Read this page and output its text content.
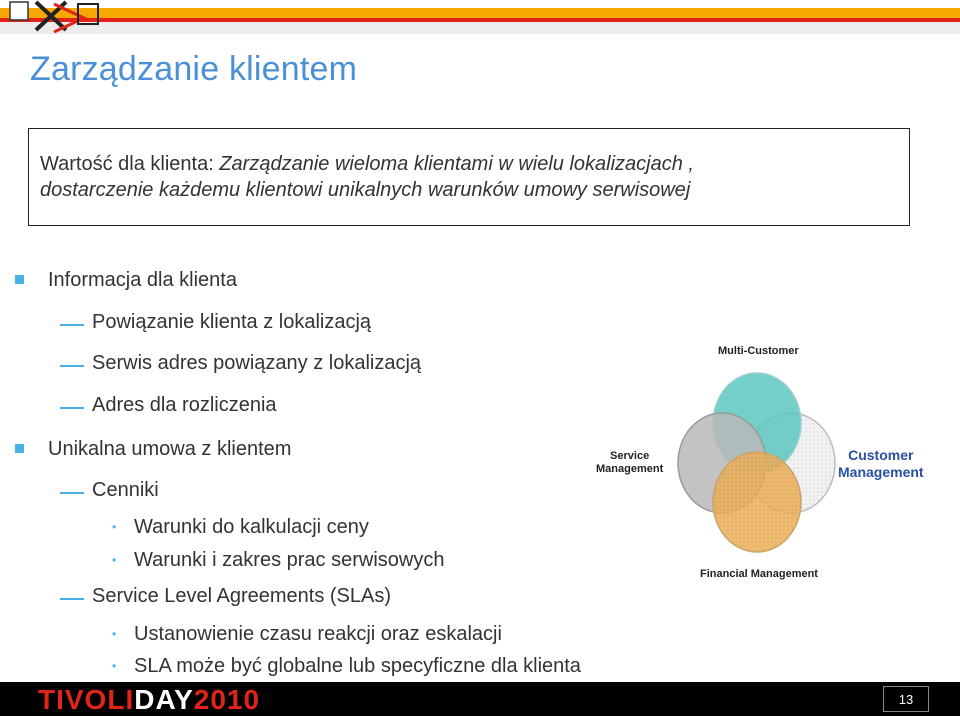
Zarządzanie klientem
Wartość dla klienta: Zarządzanie wieloma klientami w wielu lokalizacjach ,
dostarczenie każdemu klientowi unikalnych warunków umowy serwisowej
Informacja dla klienta
Powiązanie klienta z lokalizacją
Serwis adres powiązany z lokalizacją
Adres dla rozliczenia
Unikalna umowa z klientem
Cenniki
• Warunki do kalkulacji ceny
• Warunki i zakres prac serwisowych
Service Level Agreements (SLAs)
• Ustanowienie czasu reakcji oraz eskalacji
• SLA może być globalne lub specyficzne dla klienta
Multi-Customer
Service
Management
Customer
Management
Financial Management
TIVOLIDAY2010	13
